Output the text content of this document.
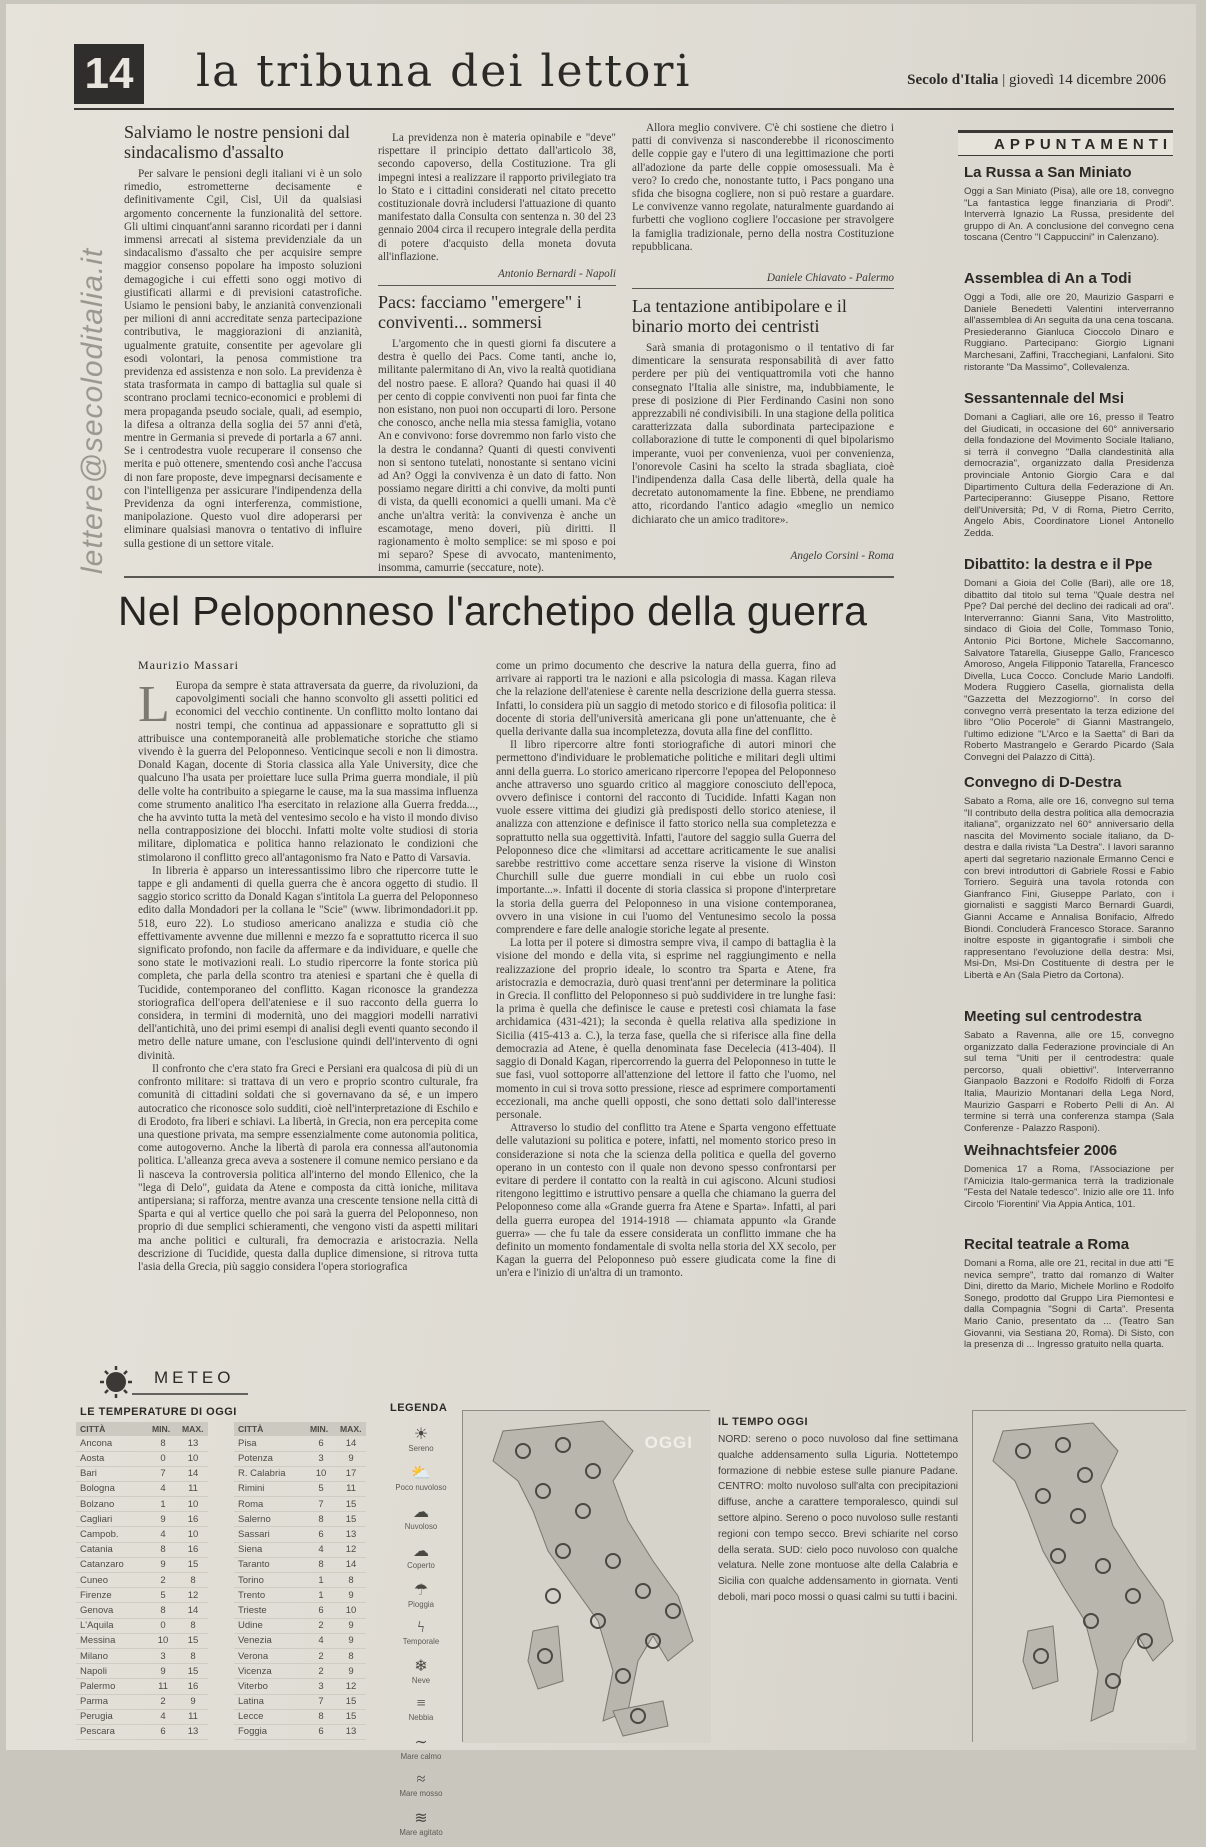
14 la tribuna dei lettori	Secolo d'Italia | giovedì 14 dicembre 2006
lettere@secoloditalia.it
Salviamo le nostre pensioni dal sindacalismo d'assalto

Per salvare le pensioni degli italiani vi è un solo rimedio, estrometterne decisamente e definitivamente Cgil, Cisl, Uil da qualsiasi argomento concernente la funzionalità del settore. Gli ultimi cinquant'anni saranno ricordati per i danni immensi arrecati al sistema previdenziale da un sindacalismo d'assalto che per acquisire sempre maggior consenso popolare ha imposto soluzioni demagogiche i cui effetti sono oggi motivo di giustificati allarmi e di previsioni catastrofiche. Usiamo le pensioni baby, le anzianità convenzionali per milioni di anni accreditate senza partecipazione contributiva, le maggiorazioni di anzianità, ugualmente gratuite, consentite per agevolare gli esodi volontari, la penosa commistione tra previdenza ed assistenza e non solo. La previdenza è stata trasformata in campo di battaglia sul quale si scontrano proclami tecnico-economici e problemi di mera propaganda pseudo sociale, quali, ad esempio, la difesa a oltranza della soglia dei 57 anni d'età, mentre in Germania si prevede di portarla a 67 anni. Se i centrodestra vuole recuperare il consenso che merita e può ottenere, smentendo così anche l'accusa di non fare proposte, deve impegnarsi decisamente e con l'intelligenza per assicurare l'indipendenza della Previdenza da ogni interferenza, commistione, manipolazione. Questo vuol dire adoperarsi per eliminare qualsiasi manovra o tentativo di influire sulla gestione di un settore vitale.

La previdenza non è materia opinabile e "deve" rispettare il principio dettato dall'articolo 38, secondo capoverso, della Costituzione. Tra gli impegni intesi a realizzare il rapporto privilegiato tra lo Stato e i cittadini considerati nel citato precetto costituzionale dovrà includersi l'attuazione di quanto manifestato dalla Consulta con sentenza n. 30 del 23 gennaio 2004 circa il recupero integrale della perdita di potere d'acquisto della moneta dovuta all'inflazione.

Antonio Bernardi - Napoli
Pacs: facciamo "emergere" i conviventi... sommersi

L'argomento che in questi giorni fa discutere a destra è quello dei Pacs. Come tanti, anche io, militante palermitano di An, vivo la realtà quotidiana del nostro paese. E allora? Quando hai quasi il 40 per cento di coppie conviventi non puoi far finta che non esistano, non puoi non occuparti di loro. Persone che conosco, anche nella mia stessa famiglia, votano An e convivono: forse dovremmo non farlo visto che la destra le condanna? Quanti di questi conviventi non si sentono tutelati, nonostante si sentano vicini ad An? Oggi la convivenza è un dato di fatto. Non possiamo negare diritti a chi convive, da molti punti di vista, da quelli economici a quelli umani. Ma c'è anche un'altra verità: la convivenza è anche un escamotage, meno doveri, più diritti. Il ragionamento è molto semplice: se mi sposo e poi mi separo? Spese di avvocato, mantenimento, insomma, camurrie (seccature, note).

Allora meglio convivere. C'è chi sostiene che dietro i patti di convivenza si nasconderebbe il riconoscimento delle coppie gay e l'utero di una legittimazione che porti all'adozione da parte delle coppie omosessuali. Ma è vero? Io credo che, nonostante tutto, i Pacs pongano una sfida che bisogna cogliere, non si può restare a guardare. Le convivenze vanno regolate, naturalmente guardando ai furbetti che vogliono cogliere l'occasione per stravolgere la famiglia tradizionale, perno della nostra Costituzione repubblicana.

Daniele Chiavato - Palermo
La tentazione antibipolare e il binario morto dei centristi

Sarà smania di protagonismo o il tentativo di far dimenticare la sensurata responsabilità di aver fatto perdere per più dei ventiquattromila voti che hanno consegnato l'Italia alle sinistre, ma, indubbiamente, le prese di posizione di Pier Ferdinando Casini non sono apprezzabili né condivisibili. In una stagione della politica caratterizzata dalla subordinata partecipazione e collaborazione di tutte le componenti di quel bipolarismo imperante, vuoi per convenienza, vuoi per convenienza, l'onorevole Casini ha scelto la strada sbagliata, cioè l'indipendenza dalla Casa delle libertà, della quale ha decretato autonomamente la fine. Ebbene, ne prendiamo atto, ricordando l'antico adagio «meglio un nemico dichiarato che un amico traditore».

Angelo Corsini - Roma
Nel Peloponneso l'archetipo della guerra
Maurizio Massari

L Europa da sempre è stata attraversata da guerre, da rivoluzioni, da capovolgimenti sociali che hanno sconvolto gli assetti politici ed economici del vecchio continente. Un conflitto molto lontano dai nostri tempi, che continua ad appassionare e soprattutto gli si attribuisce una contemporaneità alle problematiche storiche che stiamo vivendo è la guerra del Peloponneso. Venticinque secoli e non li dimostra. Donald Kagan, docente di Storia classica alla Yale University, dice che qualcuno l'ha usata per proiettare luce sulla Prima guerra mondiale, il più delle volte ha contribuito a spiegarne le cause, ma la sua massima influenza come strumento analitico l'ha esercitato in relazione alla Guerra fredda..., che ha avvinto tutta la metà del ventesimo secolo e ha visto il mondo diviso nella contrapposizione dei blocchi. Infatti molte volte studiosi di storia militare, diplomatica e politica hanno relazionato le condizioni che stimolarono il conflitto greco all'antagonismo fra Nato e Patto di Varsavia.

In libreria è apparso un interessantissimo libro che ripercorre tutte le tappe e gli andamenti di quella guerra che è ancora oggetto di studio. Il saggio storico scritto da Donald Kagan s'intitola La guerra del Peloponneso edito dalla Mondadori per la collana le "Scie" (www. librimondadori.it pp. 518, euro 22). Lo studioso americano analizza e studia ciò che effettivamente avvenne due millenni e mezzo fa e soprattutto ricerca il suo significato profondo, non facile da affermare e da individuare, e quelle che sono state le motivazioni reali. Lo studio ripercorre la fonte storica più completa, che parla della scontro tra ateniesi e spartani che è quella di Tucidide, contemporaneo del conflitto. Kagan riconosce la grandezza storiografica dell'opera dell'ateniese e il suo racconto della guerra lo considera, in termini di modernità, uno dei maggiori modelli narrativi dell'antichità, uno dei primi esempi di analisi degli eventi quanto secondo il metro delle nature umane, con l'esclusione quindi dell'intervento di ogni divinità.

Il confronto che c'era stato fra Greci e Persiani era qualcosa di più di un confronto militare: si trattava di un vero e proprio scontro culturale, fra comunità di cittadini soldati che si governavano da sé, e un impero autocratico che riconosce solo sudditi, cioè nell'interpretazione di Eschilo e di Erodoto, fra liberi e schiavi. La libertà, in Grecia, non era percepita come una questione privata, ma sempre essenzialmente come autonomia politica, come autogoverno. Anche la libertà di parola era connessa all'autonomia politica. L'alleanza greca aveva a sostenere il comune nemico persiano e da lì nasceva la controversia politica all'interno del mondo Ellenico, che la "lega di Delo", guidata da Atene e composta da città ioniche, militava antipersiana; si rafforza, mentre avanza una crescente tensione nella città di Sparta e qui al vertice quello che poi sarà la guerra del Peloponneso, non proprio di due semplici schieramenti, che vengono visti da aspetti militari ma anche politici e culturali, fra democrazia e aristocrazia. Nella descrizione di Tucidide, questa dalla duplice dimensione, si ritrova tutta l'asia della Grecia, più saggio considera l'opera storiografica

come un primo documento che descrive la natura della guerra, fino ad arrivare ai rapporti tra le nazioni e alla psicologia di massa. Kagan rileva che la relazione dell'ateniese è carente nella descrizione della guerra stessa. Infatti, lo considera più un saggio di metodo storico e di filosofia politica: il docente di storia dell'università americana gli pone un'attenuante, che è quella derivante dalla sua incompletezza, dovuta alla fine del conflitto.

Il libro ripercorre altre fonti storiografiche di autori minori che permettono d'individuare le problematiche politiche e militari degli ultimi anni della guerra. Lo storico americano ripercorre l'epopea del Peloponneso anche attraverso uno sguardo critico al maggiore conosciuto dell'epoca, ovvero definisce i contorni del racconto di Tucidide. Infatti Kagan non vuole essere vittima dei giudizi già predisposti dello storico ateniese, il analizza con attenzione e definisce il fatto storico nella sua completezza e soprattutto nella sua oggettività. Infatti, l'autore del saggio sulla Guerra del Peloponneso dice che «limitarsi ad accettare acriticamente le sue analisi sarebbe restrittivo come accettare senza riserve la visione di Winston Churchill sulle due guerre mondiali in cui ebbe un ruolo così importante...». Infatti il docente di storia classica si propone d'interpretare la storia della guerra del Peloponneso in una visione contemporanea, ovvero in una visione in cui l'uomo del Ventunesimo secolo la possa comprendere e fare delle analogie storiche legate al presente.

La lotta per il potere si dimostra sempre viva, il campo di battaglia è la visione del mondo e della vita, si esprime nel raggiungimento e nella realizzazione del proprio ideale, lo scontro tra Sparta e Atene, fra aristocrazia e democrazia, durò quasi trent'anni per determinare la politica in Grecia. Il conflitto del Peloponneso si può suddividere in tre lunghe fasi: la prima è quella che definisce le cause e pretesti così chiamata la fase archidamica (431-421); la seconda è quella relativa alla spedizione in Sicilia (415-413 a. C.), la terza fase, quella che si riferisce alla fine della democrazia ad Atene, è quella denominata fase Decelecia (413-404). Il saggio di Donald Kagan, ripercorrendo la guerra del Peloponneso in tutte le sue fasi, vuol sottoporre all'attenzione del lettore il fatto che l'uomo, nel momento in cui si trova sotto pressione, riesce ad esprimere comportamenti eccezionali, ma anche quelli opposti, che sono dettati solo dall'interesse personale.

Attraverso lo studio del conflitto tra Atene e Sparta vengono effettuate delle valutazioni su politica e potere, infatti, nel momento storico preso in considerazione si nota che la scienza della politica e quella del governo operano in un contesto con il quale non devono spesso confrontarsi per evitare di perdere il contatto con la realtà in cui agiscono. Alcuni studiosi ritengono legittimo e istruttivo pensare a quella che chiamano la guerra del Peloponneso come alla «Grande guerra fra Atene e Sparta». Infatti, al pari della guerra europea del 1914-1918 — chiamata appunto «la Grande guerra» — che fu tale da essere considerata un conflitto immane che ha definito un momento fondamentale di svolta nella storia del XX secolo, per Kagan la guerra del Peloponneso può essere giudicata come la fine di un'era e l'inizio di un'altra di un tramonto.

APPUNTAMENTI
La Russa a San Miniato
Oggi a San Miniato (Pisa), alle ore 18, convegno "La fantastica legge finanziaria di Prodi". Interverrà Ignazio La Russa, presidente del gruppo di An. A conclusione del convegno cena toscana (Centro "I Cappuccini" in Calenzano).
Assemblea di An a Todi
Oggi a Todi, alle ore 20, Maurizio Gasparri e Daniele Benedetti Valentini interverranno all'assemblea di An seguita da una cena toscana. Presiederanno Gianluca Cioccolo Dinaro e Ruggiano. Partecipano: Giorgio Lignani Marchesani, Zaffini, Tracchegiani, Lanfaloni. Sito ristorante "Da Massimo", Collevalenza.
Sessantennale del Msi
Domani a Cagliari, alle ore 16, presso il Teatro del Giudicati, in occasione del 60° anniversario della fondazione del Movimento Sociale Italiano, si terrà il convegno "Dalla clandestinità alla democrazia", organizzato dalla Presidenza provinciale Antonio Giorgio Cara e dal Dipartimento Cultura della Federazione di An. Parteciperanno: Giuseppe Pisano, Rettore dell'Università; Pd, V di Roma, Pietro Cerrito, Angelo Abis, Coordinatore Lionel Antonello Zedda.
Dibattito: la destra e il Ppe
Domani a Gioia del Colle (Bari), alle ore 18, dibattito dal titolo sul tema "Quale destra nel Ppe? Dal perché del declino dei radicali ad ora". Interverranno: Gianni Sana, Vito Mastrolitto, sindaco di Gioia del Colle, Tommaso Tonio, Antonio Pici Bortone, Michele Saccomanno, Salvatore Tatarella, Giuseppe Gallo, Francesco Amoroso, Angela Filipponio Tatarella, Francesco Divella, Luca Cocco. Conclude Mario Landolfi. Modera Ruggiero Casella, giornalista della "Gazzetta del Mezzogiorno". In corso del convegno verrà presentato la terza edizione del libro "Olio Pocerole" di Gianni Mastrangelo, l'ultimo edizione "L'Arco e la Saetta" di Bari da Roberto Mastrangelo e Gerardo Picardo (Sala Convegni del Palazzo di Città).
Convegno di D-Destra
Sabato a Roma, alle ore 16, convegno sul tema "Il contributo della destra politica alla democrazia italiana", organizzato nel 60° anniversario della nascita del Movimento sociale italiano, da D-destra e dalla rivista "La Destra". I lavori saranno aperti dal segretario nazionale Ermanno Cenci e con brevi introduttori di Gabriele Rossi e Fabio Torriero. Seguirà una tavola rotonda con Gianfranco Fini, Giuseppe Parlato, con i giornalisti e saggisti Marco Bernardi Guardi, Gianni Accame e Annalisa Bonifacio, Alfredo Biondi. Concluderà Francesco Storace. Saranno inoltre esposte in gigantografie i simboli che rappresentano l'evoluzione della destra: Msi, Msi-Dn, Msi-Dn Costituente di destra per le Libertà e An (Sala Pietro da Cortona).
Meeting sul centrodestra
Sabato a Ravenna, alle ore 15, convegno organizzato dalla Federazione provinciale di An sul tema "Uniti per il centrodestra: quale percorso, quali obiettivi". Interverranno Gianpaolo Bazzoni e Rodolfo Ridolfi di Forza Italia, Maurizio Montanari della Lega Nord, Maurizio Gasparri e Roberto Pelli di An. Al termine si terrà una conferenza stampa (Sala Conferenze - Palazzo Rasponi).
Weihnachtsfeier 2006
Domenica 17 a Roma, l'Associazione per l'Amicizia Italo-germanica terrà la tradizionale "Festa del Natale tedesco". Inizio alle ore 11. Info Circolo 'Fiorentini' Via Appia Antica, 101.
Recital teatrale a Roma
Domani a Roma, alle ore 21, recital in due atti "E nevica sempre", tratto dal romanzo di Walter Dini, diretto da Mario, Michele Morlino e Rodolfo Sonego, prodotto dal Gruppo Lira Piemontesi e dalla Compagnia "Sogni di Carta". Presenta Mario Canio, presentato da ... (Teatro San Giovanni, via Sestiana 20, Roma). Di Sisto, con la presenza di ... Ingresso gratuito nella quarta.
METEO
LE TEMPERATURE DI OGGI
CITTÀ	MIN.	MAX.
Ancona	8	13
Aosta	0	10
Bari	7	14
Bologna	4	11
Bolzano	1	10
Cagliari	9	16
Campob.	4	10
Catania	8	16
Catanzaro	9	15
Cuneo	2	8
Firenze	5	12
Genova	8	14
L'Aquila	0	8
Messina	10	15
Milano	3	8
Napoli	9	15
Palermo	11	16
Parma	2	9
Perugia	4	11
Pescara	6	13
CITTÀ	MIN.	MAX.
Pisa	6	14
Potenza	3	9
R. Calabria	10	17
Rimini	5	11
Roma	7	15
Salerno	8	15
Sassari	6	13
Siena	4	12
Taranto	8	14
Torino	1	8
Trento	1	9
Trieste	6	10
Udine	2	9
Venezia	4	9
Verona	2	8
Vicenza	2	9
Viterbo	3	12
Latina	7	15
Lecce	8	15
Foggia	6	13
LEGENDA
☀
Sereno
⛅
Poco nuvoloso
☁
Nuvoloso
☁
Coperto
☂
Pioggia
ϟ
Temporale
❄
Neve
≡
Nebbia
∼
Mare calmo
≈
Mare mosso
≋
Mare agitato
OGGI
IL TEMPO OGGI
NORD: sereno o poco nuvoloso dal fine settimana qualche addensamento sulla Liguria. Nottetempo formazione di nebbie estese sulle pianure Padane. CENTRO: molto nuvoloso sull'alta con precipitazioni diffuse, anche a carattere temporalesco, quindi sul settore alpino. Sereno o poco nuvoloso sulle restanti regioni con tempo secco. Brevi schiarite nel corso della serata. SUD: cielo poco nuvoloso con qualche velatura. Nelle zone montuose alte della Calabria e Sicilia con qualche addensamento in giornata. Venti deboli, mari poco mossi o quasi calmi su tutti i bacini.
